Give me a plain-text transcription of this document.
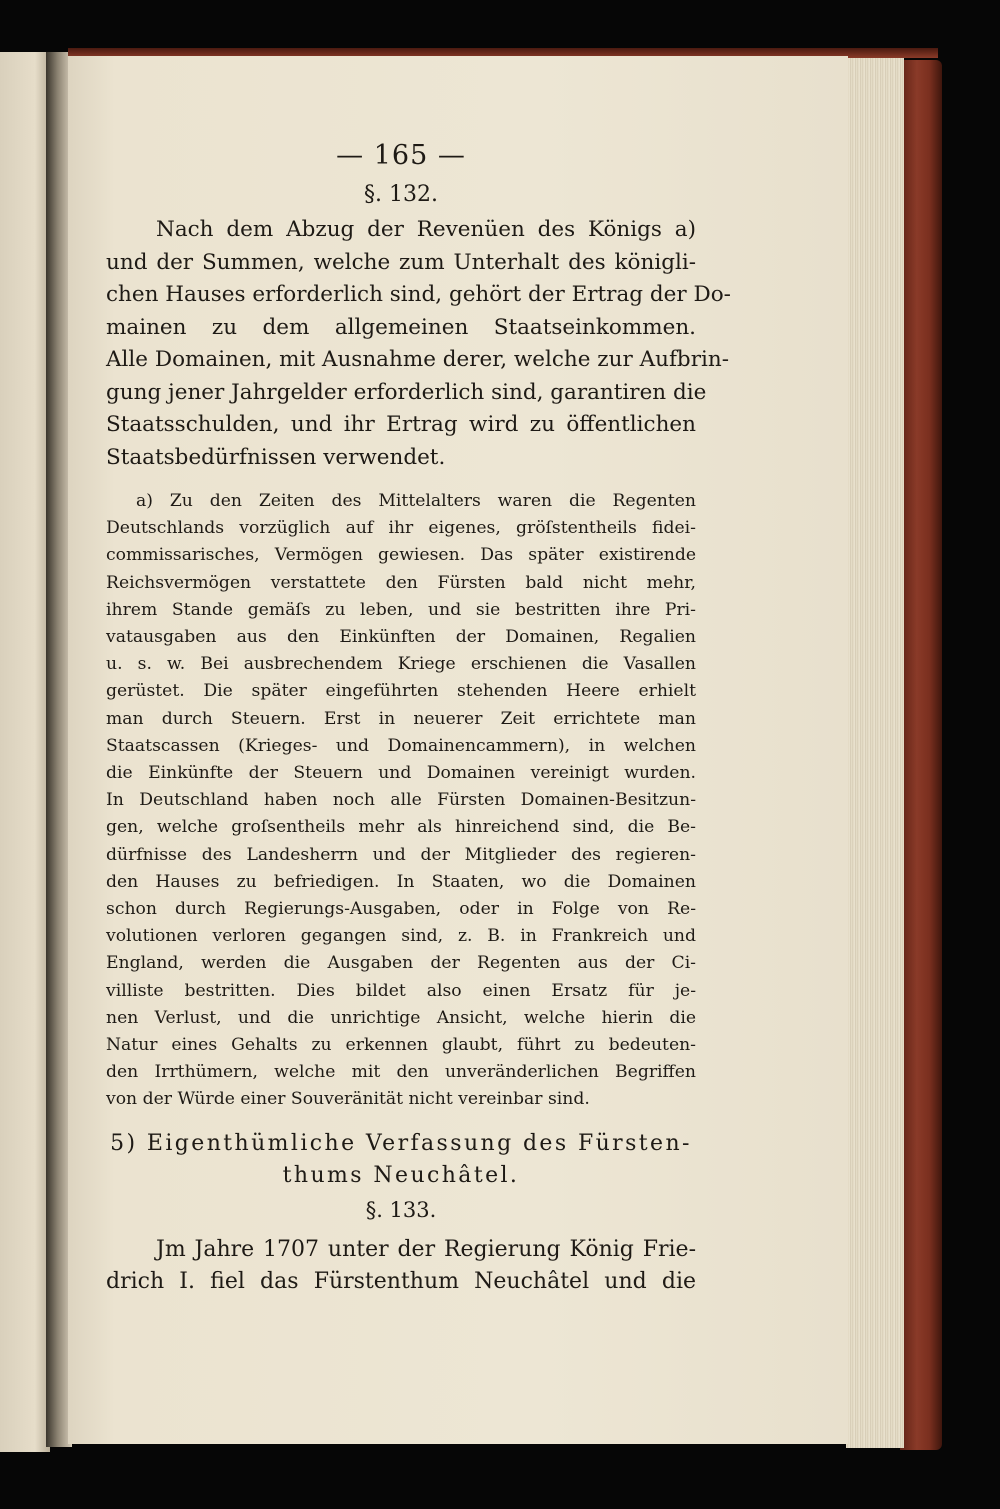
— 165 —
§. 132.
Nach dem Abzug der Revenüen des Königs a)
und der Summen, welche zum Unterhalt des königli-
chen Hauses erforderlich sind, gehört der Ertrag der Do-
mainen zu dem allgemeinen Staatseinkommen.
Alle Domainen, mit Ausnahme derer, welche zur Aufbrin-
gung jener Jahrgelder erforderlich sind, garantiren die
Staatsschulden, und ihr Ertrag wird zu öffentlichen
Staatsbedürfnissen verwendet.
a) Zu den Zeiten des Mittelalters waren die Regenten
Deutschlands vorzüglich auf ihr eigenes, gröſstentheils fidei-
commissarisches, Vermögen gewiesen. Das später existirende
Reichsvermögen verstattete den Fürsten bald nicht mehr,
ihrem Stande gemäſs zu leben, und sie bestritten ihre Pri-
vatausgaben aus den Einkünften der Domainen, Regalien
u. s. w. Bei ausbrechendem Kriege erschienen die Vasallen
gerüstet. Die später eingeführten stehenden Heere erhielt
man durch Steuern. Erst in neuerer Zeit errichtete man
Staatscassen (Krieges- und Domainencammern), in welchen
die Einkünfte der Steuern und Domainen vereinigt wurden.
In Deutschland haben noch alle Fürsten Domainen-Besitzun-
gen, welche groſsentheils mehr als hinreichend sind, die Be-
dürfnisse des Landesherrn und der Mitglieder des regieren-
den Hauses zu befriedigen. In Staaten, wo die Domainen
schon durch Regierungs-Ausgaben, oder in Folge von Re-
volutionen verloren gegangen sind, z. B. in Frankreich und
England, werden die Ausgaben der Regenten aus der Ci-
villiste bestritten. Dies bildet also einen Ersatz für je-
nen Verlust, und die unrichtige Ansicht, welche hierin die
Natur eines Gehalts zu erkennen glaubt, führt zu bedeuten-
den Irrthümern, welche mit den unveränderlichen Begriffen
von der Würde einer Souveränität nicht vereinbar sind.
5) Eigenthümliche Verfassung des Fürsten-
thums Neuchâtel.
§. 133.
Jm Jahre 1707 unter der Regierung König Frie-
drich I. fiel das Fürstenthum Neuchâtel und die
